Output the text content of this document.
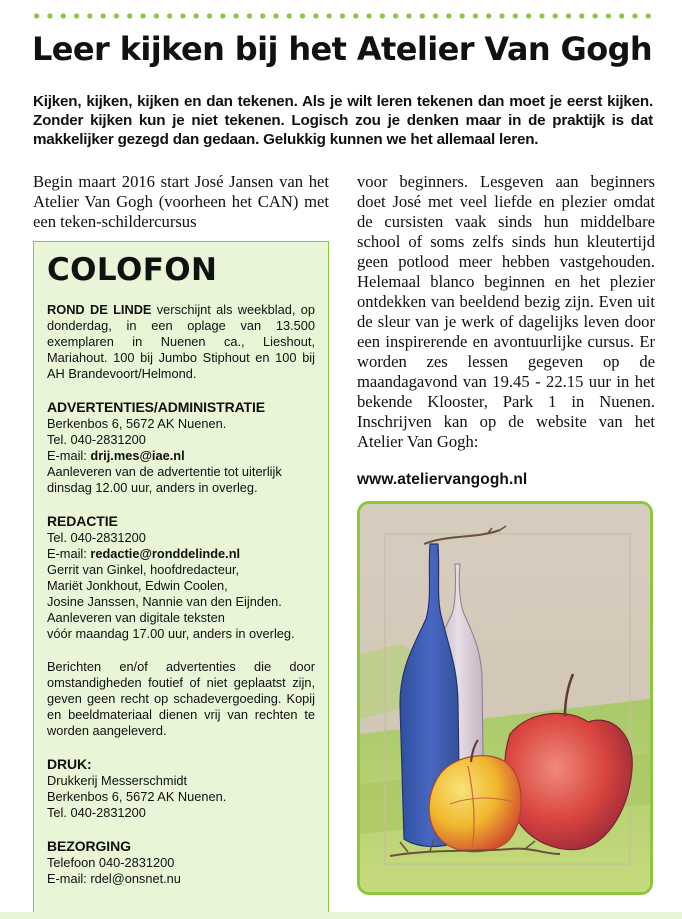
Leer kijken bij het Atelier Van Gogh

Kijken, kijken, kijken en dan tekenen. Als je wilt leren tekenen dan moet je eerst kijken. Zonder kijken kun je niet tekenen. Logisch zou je denken maar in de praktijk is dat makkelijker gezegd dan gedaan. Gelukkig kunnen we het allemaal leren.

Begin maart 2016 start José Jansen van het Atelier Van Gogh (voorheen het CAN) met een teken-schildercursus

COLOFON

ROND DE LINDE verschijnt als weekblad, op donderdag, in een oplage van 13.500 exemplaren in Nuenen ca., Lieshout, Mariahout. 100 bij Jumbo Stiphout en 100 bij AH Brandevoort/Helmond.

ADVERTENTIES/ADMINISTRATIE

Berkenbos 6, 5672 AK Nuenen.

Tel. 040-2831200

E-mail: drij.mes@iae.nl

Aanleveren van de advertentie tot uiterlijk dinsdag 12.00 uur, anders in overleg.

REDACTIE

Tel. 040-2831200

E-mail: redactie@ronddelinde.nl

Gerrit van Ginkel, hoofdredacteur,

Mariët Jonkhout, Edwin Coolen,

Josine Janssen, Nannie van den Eijnden.

Aanleveren van digitale teksten

vóór maandag 17.00 uur, anders in overleg.

Berichten en/of advertenties die door omstandigheden foutief of niet geplaatst zijn, geven geen recht op schadevergoeding. Kopij en beeldmateriaal dienen vrij van rechten te worden aangeleverd.

DRUK:

Drukkerij Messerschmidt

Berkenbos 6, 5672 AK Nuenen.

Tel. 040-2831200

BEZORGING

Telefoon 040-2831200

E-mail: rdel@onsnet.nu

voor beginners. Lesgeven aan beginners doet José met veel liefde en plezier omdat de cursisten vaak sinds hun middelbare school of soms zelfs sinds hun kleutertijd geen potlood meer hebben vastgehouden. Helemaal blanco beginnen en het plezier ontdekken van beeldend bezig zijn. Even uit de sleur van je werk of dagelijks leven door een inspirerende en avontuurlijke cursus. Er worden zes lessen gegeven op de maandagavond van 19.45 - 22.15 uur in het bekende Klooster, Park 1 in Nuenen. Inschrijven kan op de website van het Atelier Van Gogh:

www.ateliervangogh.nl
